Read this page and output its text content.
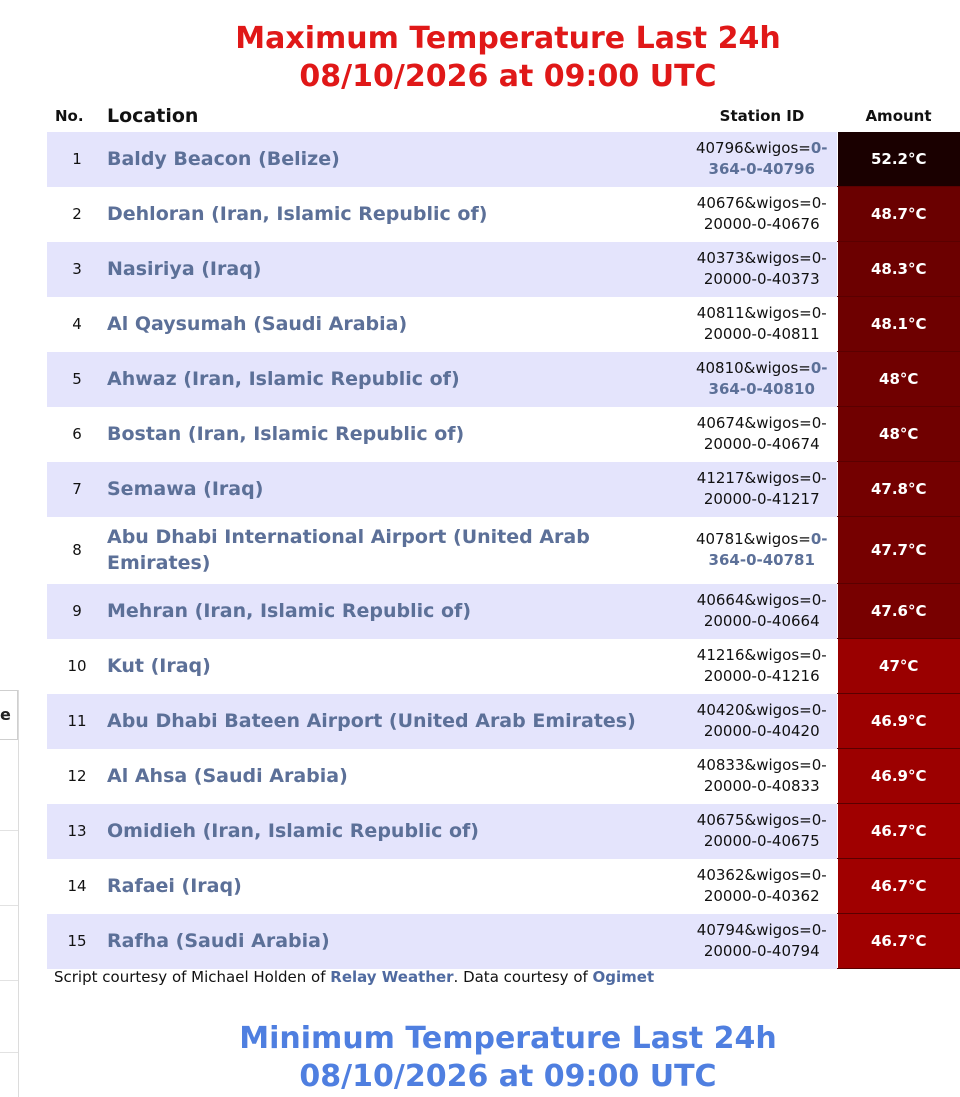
e
Maximum Temperature Last 24h
08/10/2026 at 09:00 UTC
No.	Location	Station ID	Amount
1	Baldy Beacon (Belize)	40796&wigos=0-
364-0-40796	52.2°C
2	Dehloran (Iran, Islamic Republic of)	40676&wigos=0-
20000-0-40676	48.7°C
3	Nasiriya (Iraq)	40373&wigos=0-
20000-0-40373	48.3°C
4	Al Qaysumah (Saudi Arabia)	40811&wigos=0-
20000-0-40811	48.1°C
5	Ahwaz (Iran, Islamic Republic of)	40810&wigos=0-
364-0-40810	48°C
6	Bostan (Iran, Islamic Republic of)	40674&wigos=0-
20000-0-40674	48°C
7	Semawa (Iraq)	41217&wigos=0-
20000-0-41217	47.8°C
8	Abu Dhabi International Airport (United Arab Emirates)	40781&wigos=0-
364-0-40781	47.7°C
9	Mehran (Iran, Islamic Republic of)	40664&wigos=0-
20000-0-40664	47.6°C
10	Kut (Iraq)	41216&wigos=0-
20000-0-41216	47°C
11	Abu Dhabi Bateen Airport (United Arab Emirates)	40420&wigos=0-
20000-0-40420	46.9°C
12	Al Ahsa (Saudi Arabia)	40833&wigos=0-
20000-0-40833	46.9°C
13	Omidieh (Iran, Islamic Republic of)	40675&wigos=0-
20000-0-40675	46.7°C
14	Rafaei (Iraq)	40362&wigos=0-
20000-0-40362	46.7°C
15	Rafha (Saudi Arabia)	40794&wigos=0-
20000-0-40794	46.7°C
Script courtesy of Michael Holden of Relay Weather. Data courtesy of Ogimet
Minimum Temperature Last 24h
08/10/2026 at 09:00 UTC
